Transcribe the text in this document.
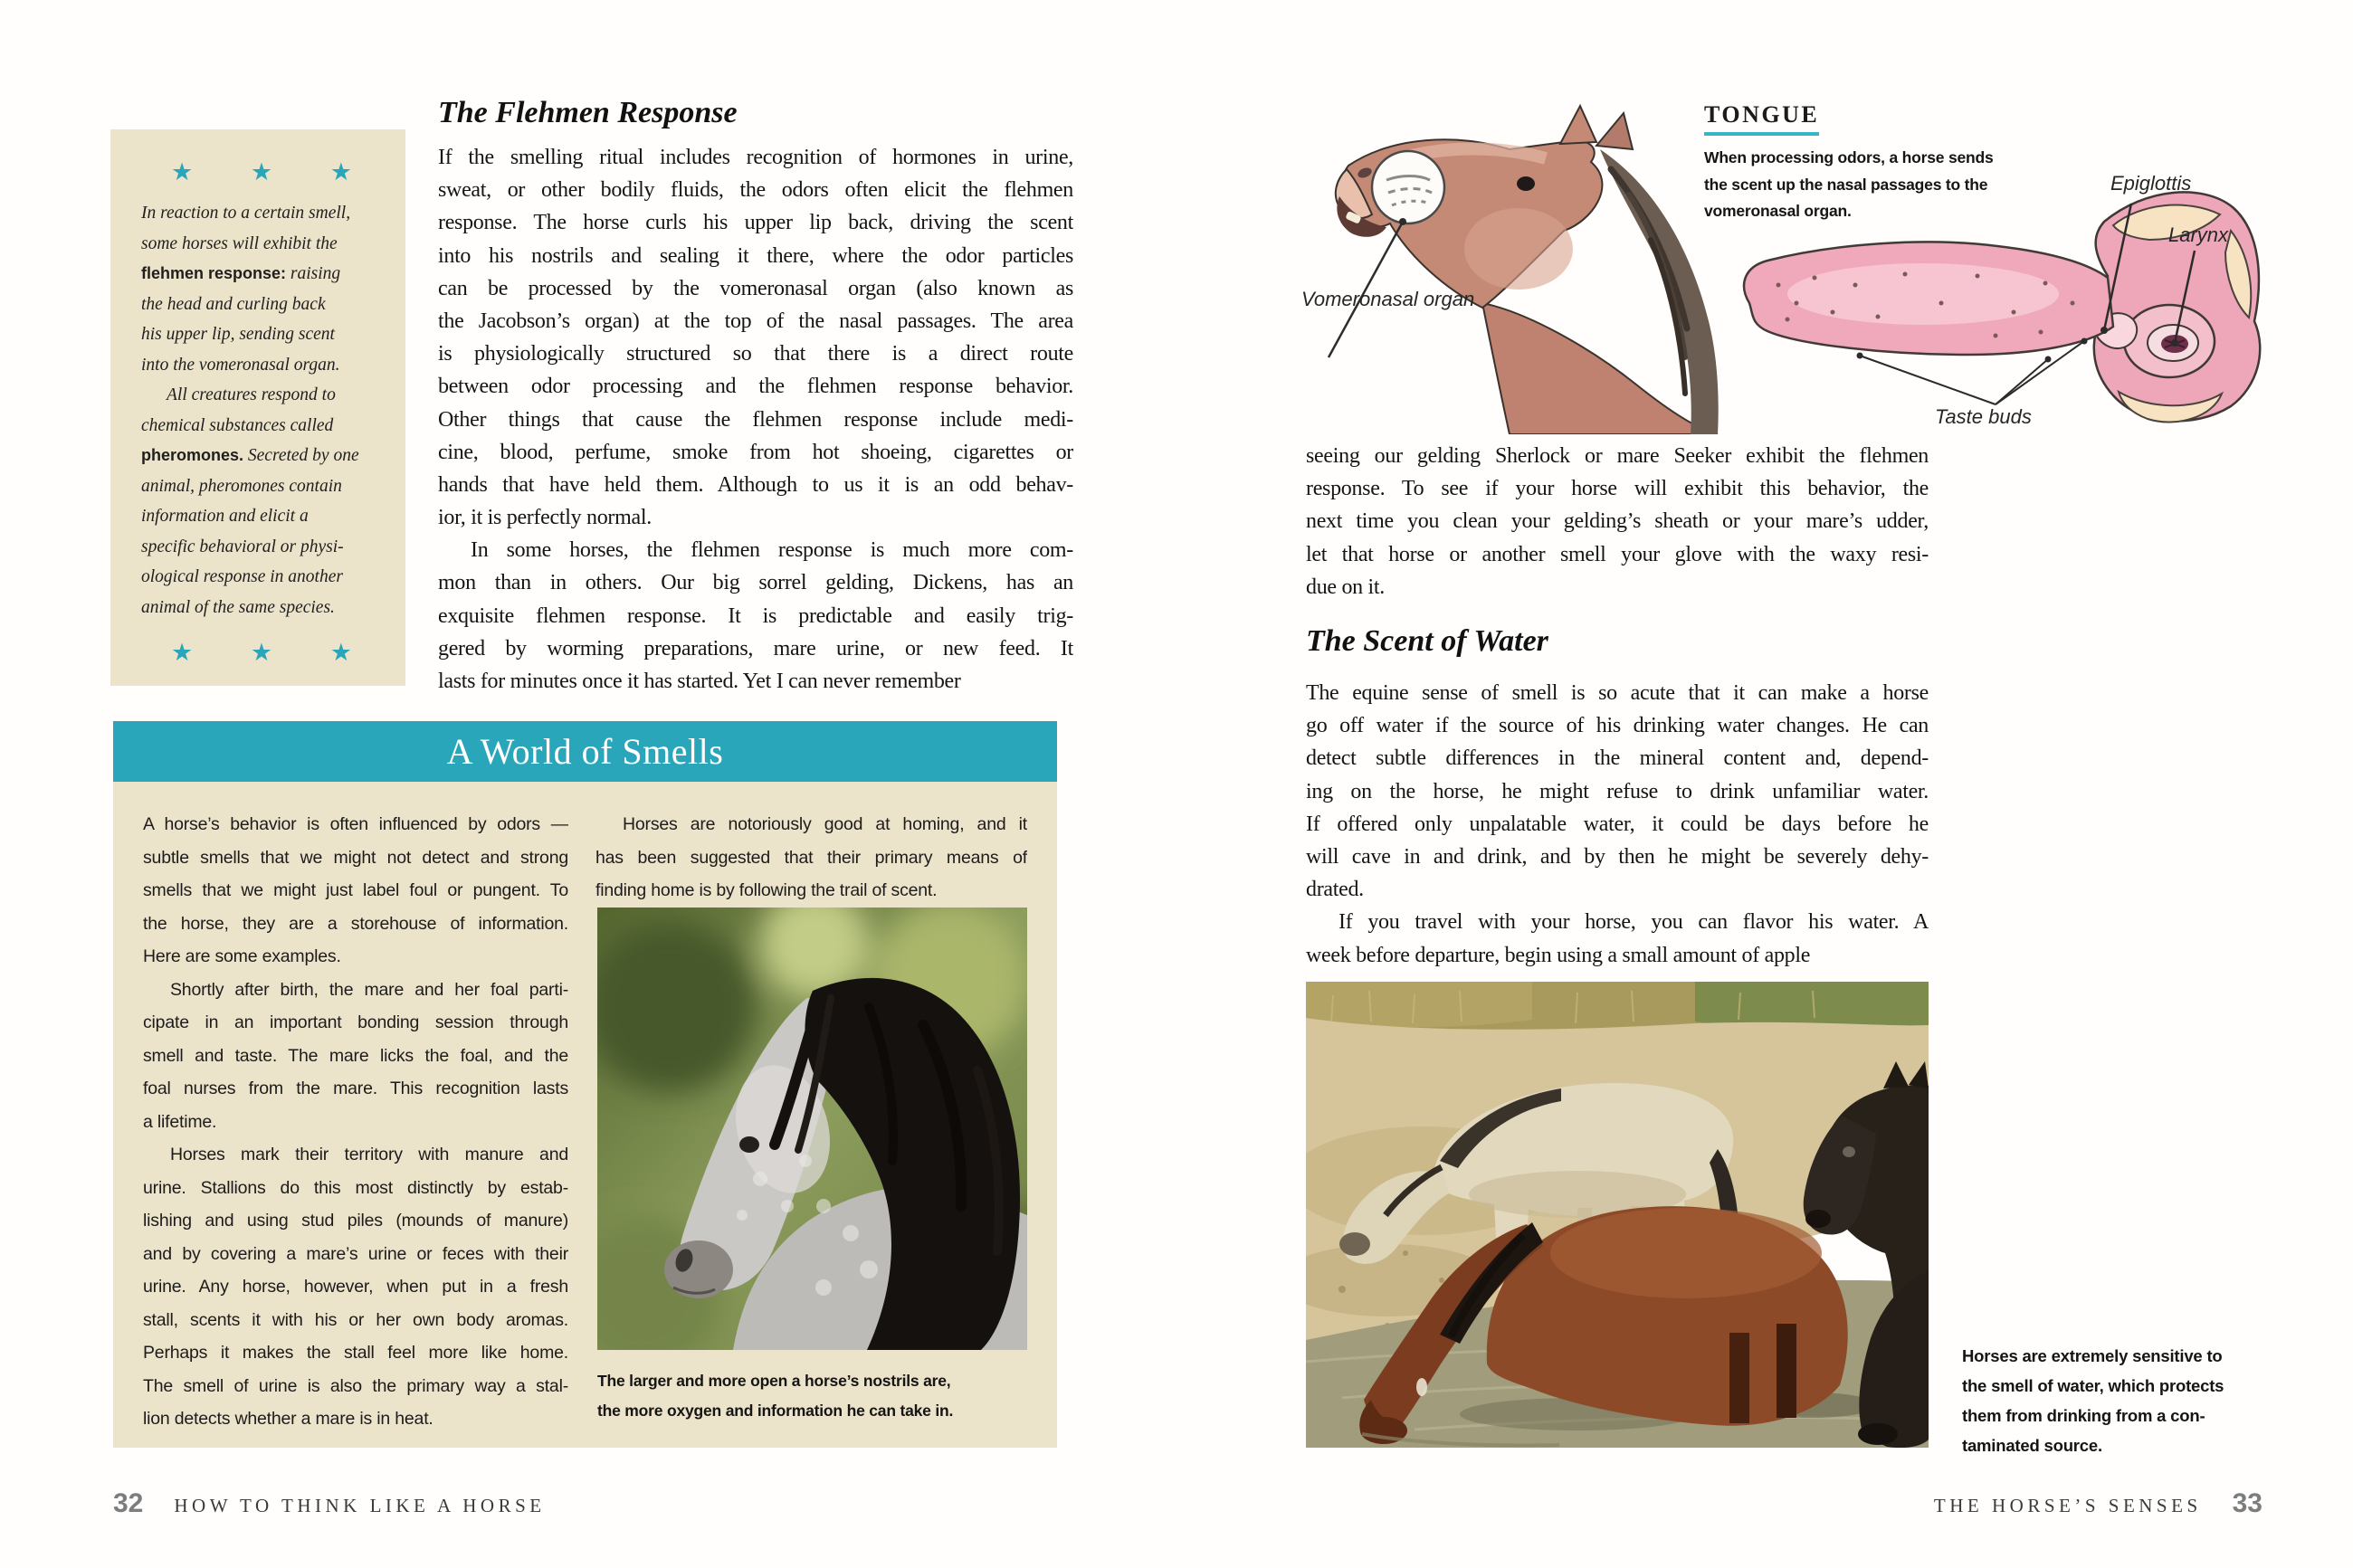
★ ★ ★
In reaction to a certain smell,
some horses will exhibit the
flehmen response: raising
the head and curling back
his upper lip, sending scent
into the vomeronasal organ.
All creatures respond to
chemical substances called
pheromones. Secreted by one
animal, pheromones contain
information and elicit a
specific behavioral or physi-
ological response in another
animal of the same species.
★ ★ ★
The Flehmen Response
If the smelling ritual includes recognition of hormones in urine,
sweat, or other bodily fluids, the odors often elicit the flehmen
response. The horse curls his upper lip back, driving the scent
into his nostrils and sealing it there, where the odor particles
can be processed by the vomeronasal organ (also known as
the Jacobson’s organ) at the top of the nasal passages. The area
is physiologically structured so that there is a direct route
between odor processing and the flehmen response behavior.
Other things that cause the flehmen response include medi-
cine, blood, perfume, smoke from hot shoeing, cigarettes or
hands that have held them. Although to us it is an odd behav-
ior, it is perfectly normal.
In some horses, the flehmen response is much more com-
mon than in others. Our big sorrel gelding, Dickens, has an
exquisite flehmen response. It is predictable and easily trig-
gered by worming preparations, mare urine, or new feed. It
lasts for minutes once it has started. Yet I can never remember
A World of Smells
A horse’s behavior is often influenced by odors —
subtle smells that we might not detect and strong
smells that we might just label foul or pungent. To
the horse, they are a storehouse of information.
Here are some examples.
Shortly after birth, the mare and her foal parti-
cipate in an important bonding session through
smell and taste. The mare licks the foal, and the
foal nurses from the mare. This recognition lasts
a lifetime.
Horses mark their territory with manure and
urine. Stallions do this most distinctly by estab-
lishing and using stud piles (mounds of manure)
and by covering a mare’s urine or feces with their
urine. Any horse, however, when put in a fresh
stall, scents it with his or her own body aromas.
Perhaps it makes the stall feel more like home.
The smell of urine is also the primary way a stal-
lion detects whether a mare is in heat.
Horses are notoriously good at homing, and it
has been suggested that their primary means of
finding home is by following the trail of scent.
The larger and more open a horse’s nostrils are,
the more oxygen and information he can take in.
32 HOW TO THINK LIKE A HORSE
Vomeronasal organ
TONGUE
When processing odors, a horse sends
the scent up the nasal passages to the
vomeronasal organ.
Epiglottis
Larynx
Taste buds
seeing our gelding Sherlock or mare Seeker exhibit the flehmen
response. To see if your horse will exhibit this behavior, the
next time you clean your gelding’s sheath or your mare’s udder,
let that horse or another smell your glove with the waxy resi-
due on it.
The Scent of Water
The equine sense of smell is so acute that it can make a horse
go off water if the source of his drinking water changes. He can
detect subtle differences in the mineral content and, depend-
ing on the horse, he might refuse to drink unfamiliar water.
If offered only unpalatable water, it could be days before he
will cave in and drink, and by then he might be severely dehy-
drated.
If you travel with your horse, you can flavor his water. A
week before departure, begin using a small amount of apple
Horses are extremely sensitive to
the smell of water, which protects
them from drinking from a con-
taminated source.
THE HORSE’S SENSES 33
